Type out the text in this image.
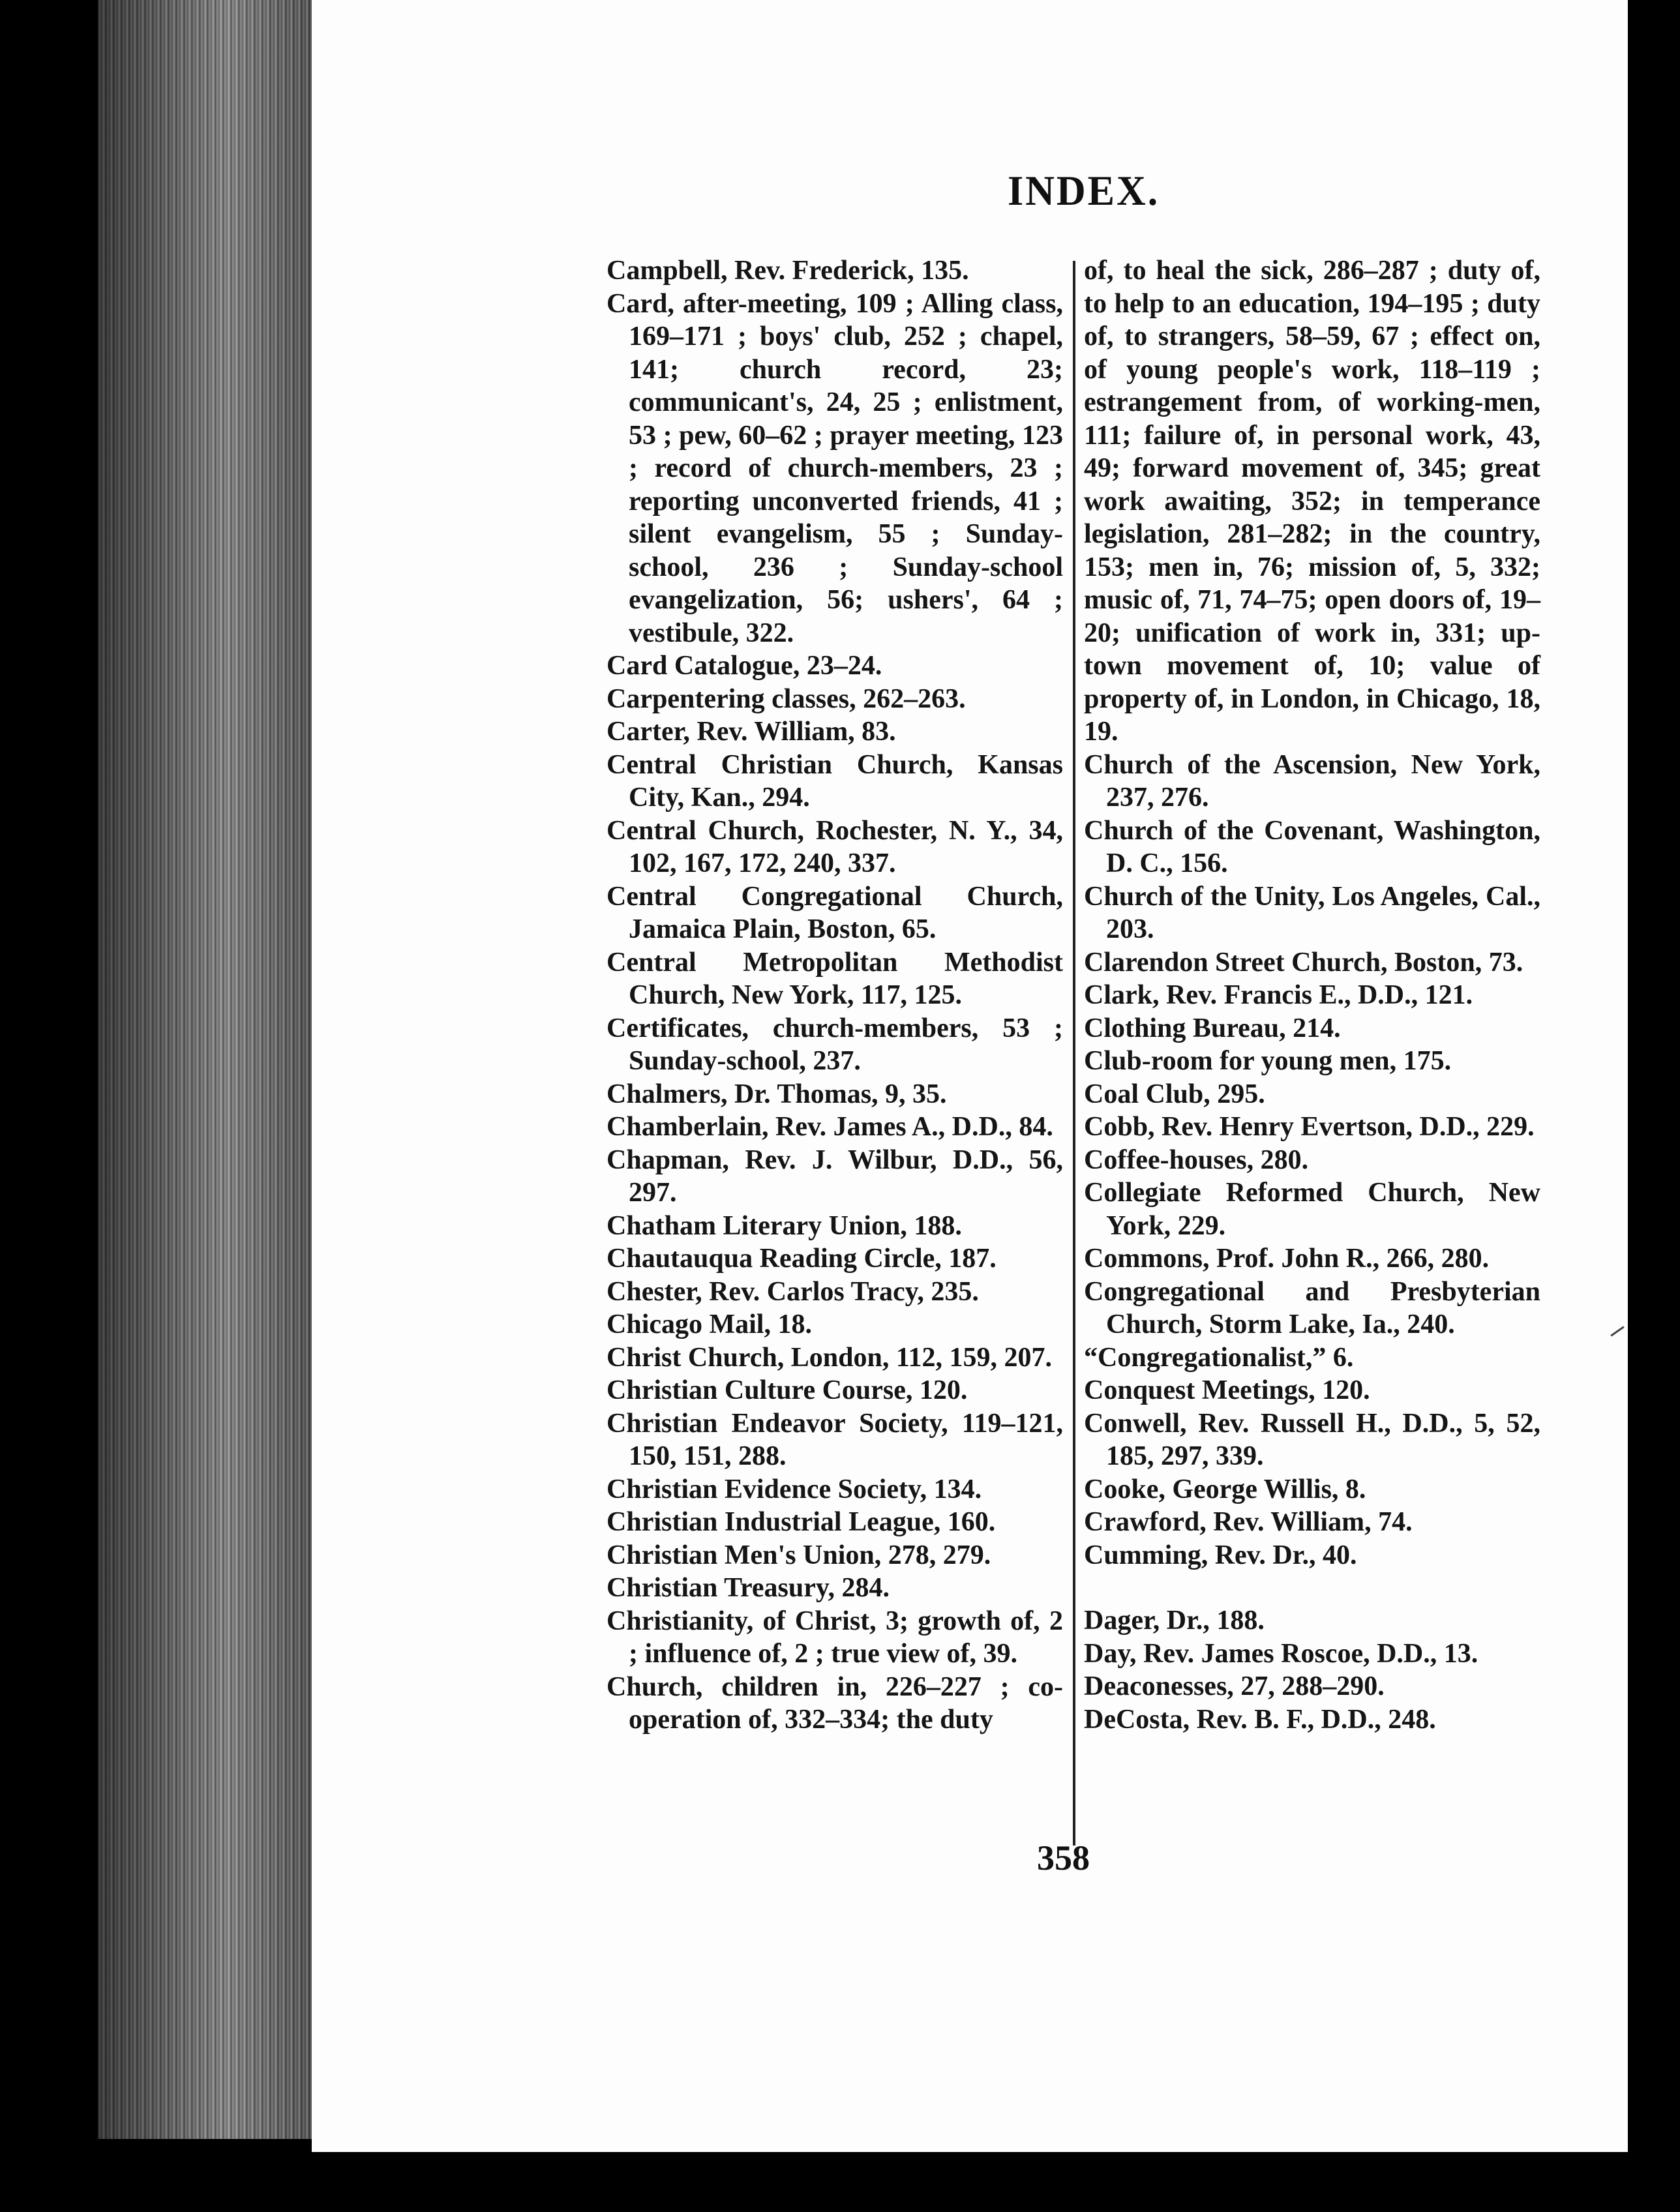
INDEX.
Campbell, Rev. Frederick, 135.
Card, after-meeting, 109 ; Alling class, 169–171 ; boys' club, 252 ; chapel, 141; church record, 23; communicant's, 24, 25 ; enlistment, 53 ; pew, 60–62 ; prayer meeting, 123 ; record of church-members, 23 ; reporting unconverted friends, 41 ; silent evangelism, 55 ; Sunday-school, 236 ; Sunday-school evangelization, 56; ushers', 64 ; vestibule, 322.
Card Catalogue, 23–24.
Carpentering classes, 262–263.
Carter, Rev. William, 83.
Central Christian Church, Kansas City, Kan., 294.
Central Church, Rochester, N. Y., 34, 102, 167, 172, 240, 337.
Central Congregational Church, Jamaica Plain, Boston, 65.
Central Metropolitan Methodist Church, New York, 117, 125.
Certificates, church-members, 53 ; Sunday-school, 237.
Chalmers, Dr. Thomas, 9, 35.
Chamberlain, Rev. James A., D.D., 84.
Chapman, Rev. J. Wilbur, D.D., 56, 297.
Chatham Literary Union, 188.
Chautauqua Reading Circle, 187.
Chester, Rev. Carlos Tracy, 235.
Chicago Mail, 18.
Christ Church, London, 112, 159, 207.
Christian Culture Course, 120.
Christian Endeavor Society, 119–121, 150, 151, 288.
Christian Evidence Society, 134.
Christian Industrial League, 160.
Christian Men's Union, 278, 279.
Christian Treasury, 284.
Christianity, of Christ, 3; growth of, 2 ; influence of, 2 ; true view of, 39.
Church, children in, 226–227 ; co-operation of, 332–334; the duty
of, to heal the sick, 286–287 ; duty of, to help to an education, 194–195 ; duty of, to strangers, 58–59, 67 ; effect on, of young people's work, 118–119 ; estrangement from, of working-men, 111; failure of, in personal work, 43, 49; forward movement of, 345; great work awaiting, 352; in temperance legislation, 281–282; in the country, 153; men in, 76; mission of, 5, 332; music of, 71, 74–75; open doors of, 19–20; unification of work in, 331; up-town movement of, 10; value of property of, in London, in Chicago, 18, 19.
Church of the Ascension, New York, 237, 276.
Church of the Covenant, Washington, D. C., 156.
Church of the Unity, Los Angeles, Cal., 203.
Clarendon Street Church, Boston, 73.
Clark, Rev. Francis E., D.D., 121.
Clothing Bureau, 214.
Club-room for young men, 175.
Coal Club, 295.
Cobb, Rev. Henry Evertson, D.D., 229.
Coffee-houses, 280.
Collegiate Reformed Church, New York, 229.
Commons, Prof. John R., 266, 280.
Congregational and Presbyterian Church, Storm Lake, Ia., 240.
“Congregationalist,” 6.
Conquest Meetings, 120.
Conwell, Rev. Russell H., D.D., 5, 52, 185, 297, 339.
Cooke, George Willis, 8.
Crawford, Rev. William, 74.
Cumming, Rev. Dr., 40.
Dager, Dr., 188.
Day, Rev. James Roscoe, D.D., 13.
Deaconesses, 27, 288–290.
DeCosta, Rev. B. F., D.D., 248.
358
